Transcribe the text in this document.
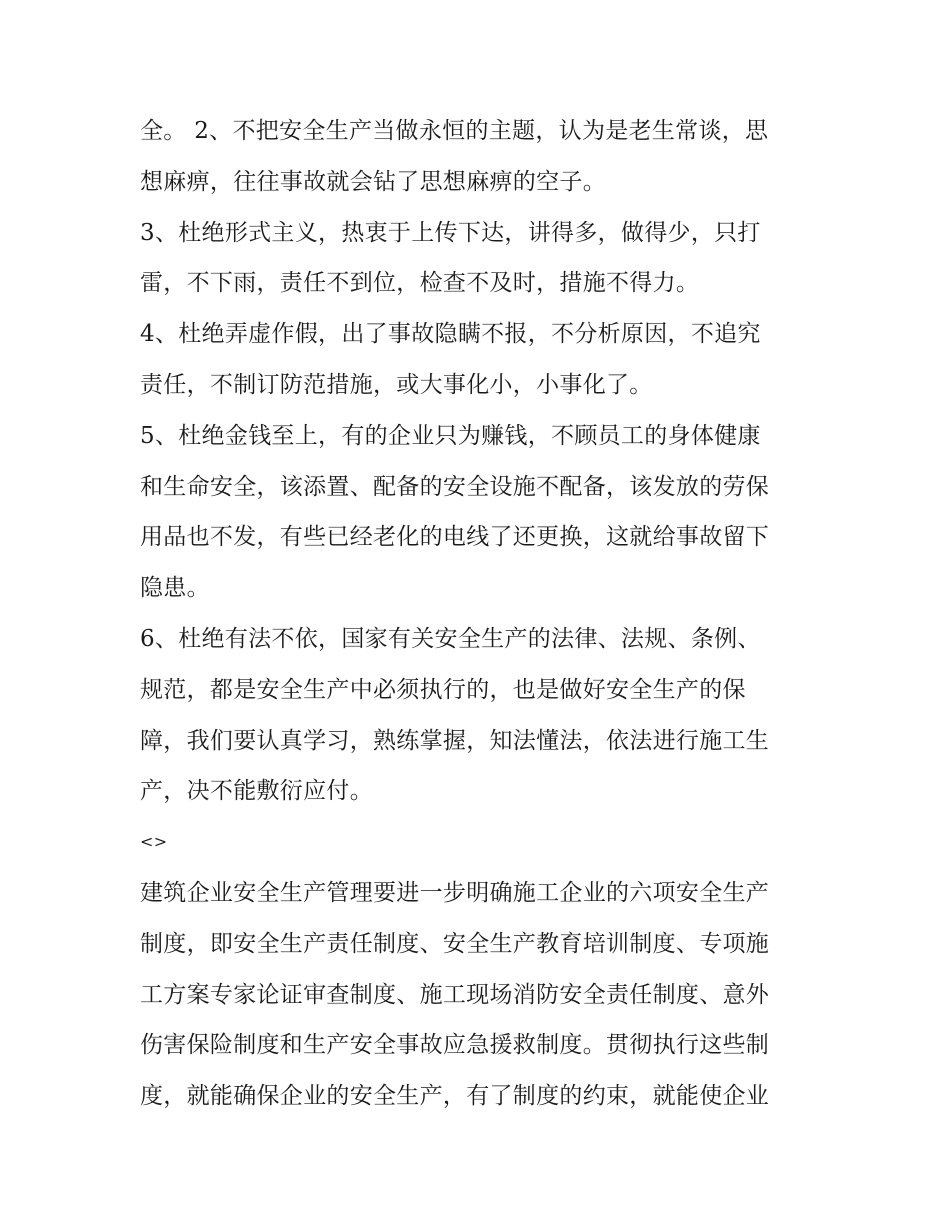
全。 2、不把安全生产当做永恒的主题，认为是老生常谈，思
想麻痹，往往事故就会钻了思想麻痹的空子。
3、杜绝形式主义，热衷于上传下达，讲得多，做得少，只打
雷，不下雨，责任不到位，检查不及时，措施不得力。
4、杜绝弄虚作假，出了事故隐瞒不报，不分析原因，不追究
责任，不制订防范措施，或大事化小，小事化了。
5、杜绝金钱至上，有的企业只为赚钱，不顾员工的身体健康
和生命安全，该添置、配备的安全设施不配备，该发放的劳保
用品也不发，有些已经老化的电线了还更换，这就给事故留下
隐患。
6、杜绝有法不依，国家有关安全生产的法律、法规、条例、
规范，都是安全生产中必须执行的，也是做好安全生产的保
障，我们要认真学习，熟练掌握，知法懂法，依法进行施工生
产，决不能敷衍应付。
<>
建筑企业安全生产管理要进一步明确施工企业的六项安全生产
制度，即安全生产责任制度、安全生产教育培训制度、专项施
工方案专家论证审查制度、施工现场消防安全责任制度、意外
伤害保险制度和生产安全事故应急援救制度。贯彻执行这些制
度，就能确保企业的安全生产，有了制度的约束，就能使企业
